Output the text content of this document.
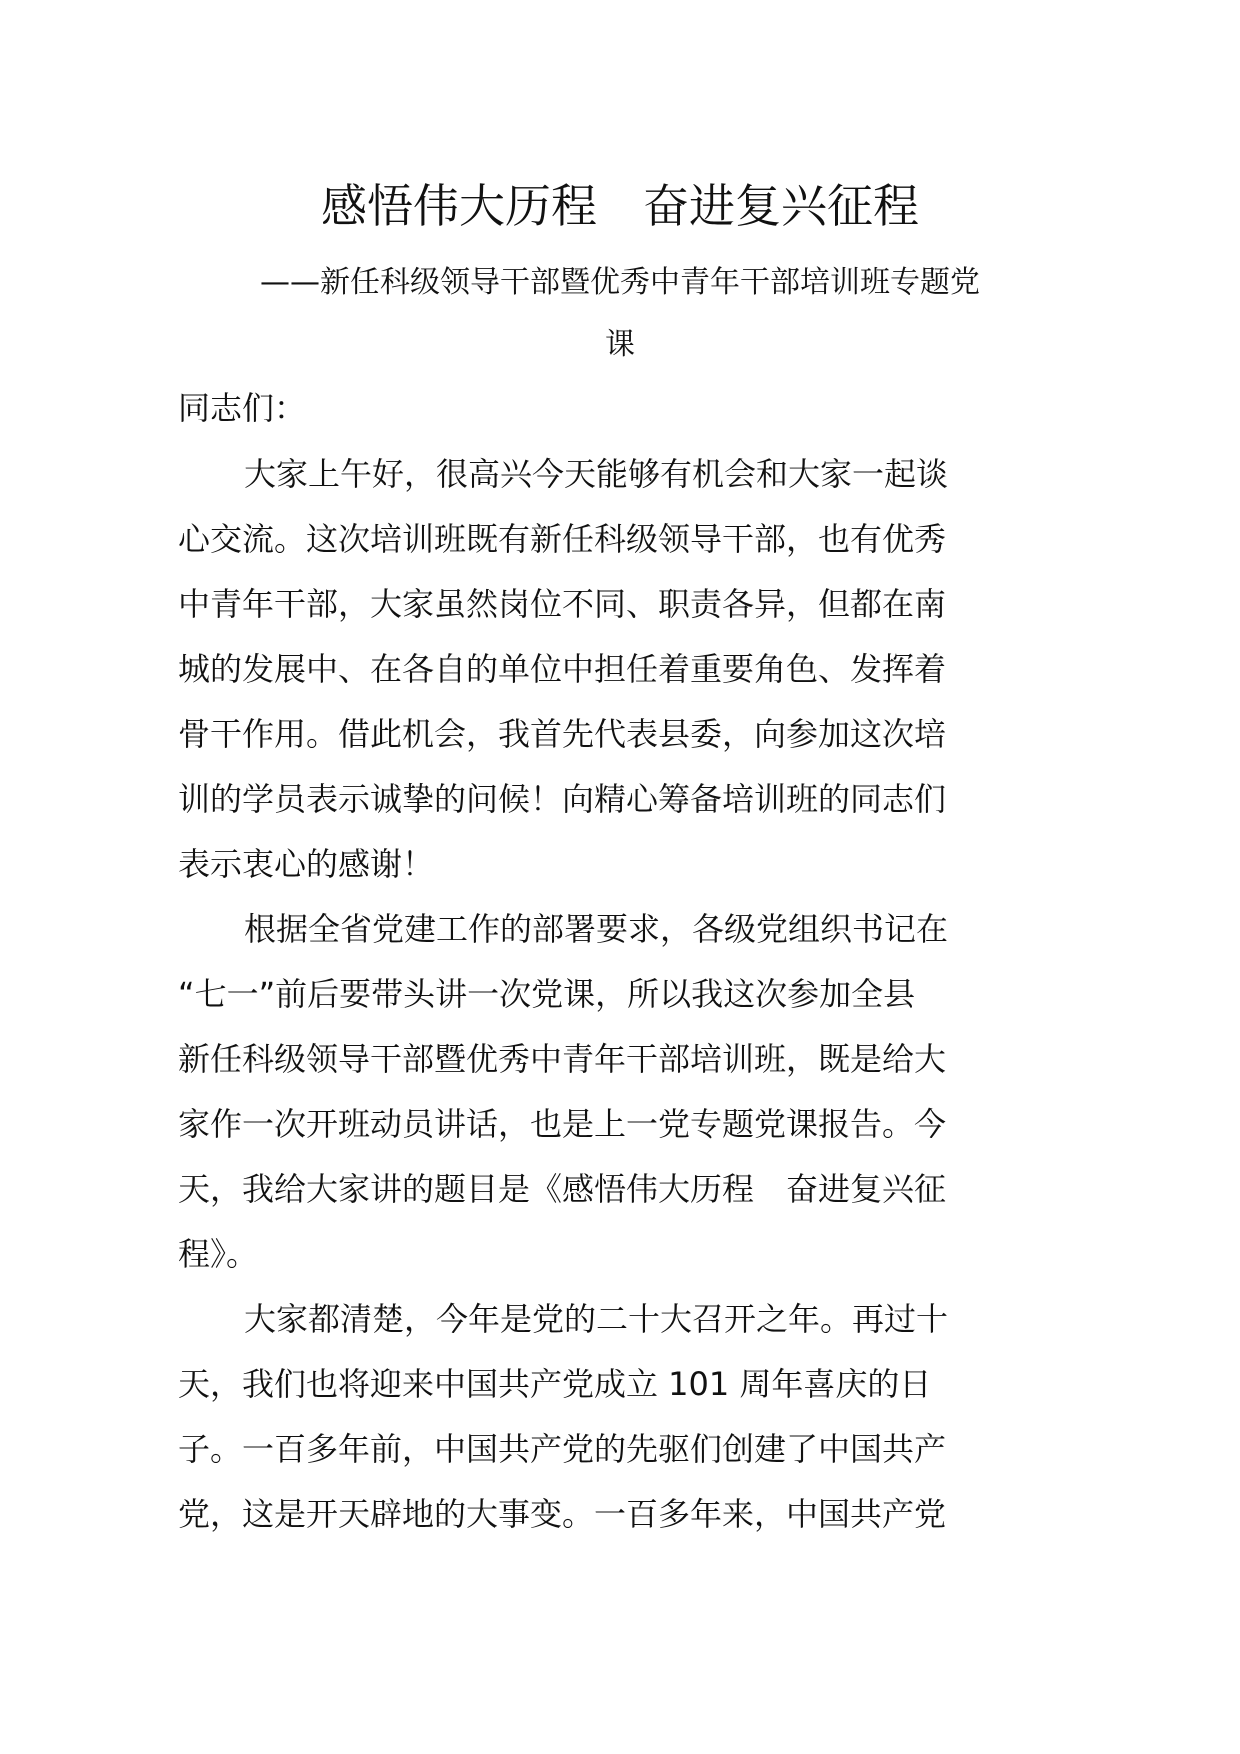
感悟伟大历程　奋进复兴征程
——新任科级领导干部暨优秀中青年干部培训班专题党
课
同志们：
大家上午好，很高兴今天能够有机会和大家一起谈
心交流。这次培训班既有新任科级领导干部，也有优秀
中青年干部，大家虽然岗位不同、职责各异，但都在南
城的发展中、在各自的单位中担任着重要角色、发挥着
骨干作用。借此机会，我首先代表县委，向参加这次培
训的学员表示诚挚的问候！向精心筹备培训班的同志们
表示衷心的感谢！
根据全省党建工作的部署要求，各级党组织书记在
“七一”前后要带头讲一次党课，所以我这次参加全县
新任科级领导干部暨优秀中青年干部培训班，既是给大
家作一次开班动员讲话，也是上一党专题党课报告。今
天，我给大家讲的题目是《感悟伟大历程　奋进复兴征
程》。
大家都清楚，今年是党的二十大召开之年。再过十
天，我们也将迎来中国共产党成立 101 周年喜庆的日
子。一百多年前，中国共产党的先驱们创建了中国共产
党，这是开天辟地的大事变。一百多年来，中国共产党
